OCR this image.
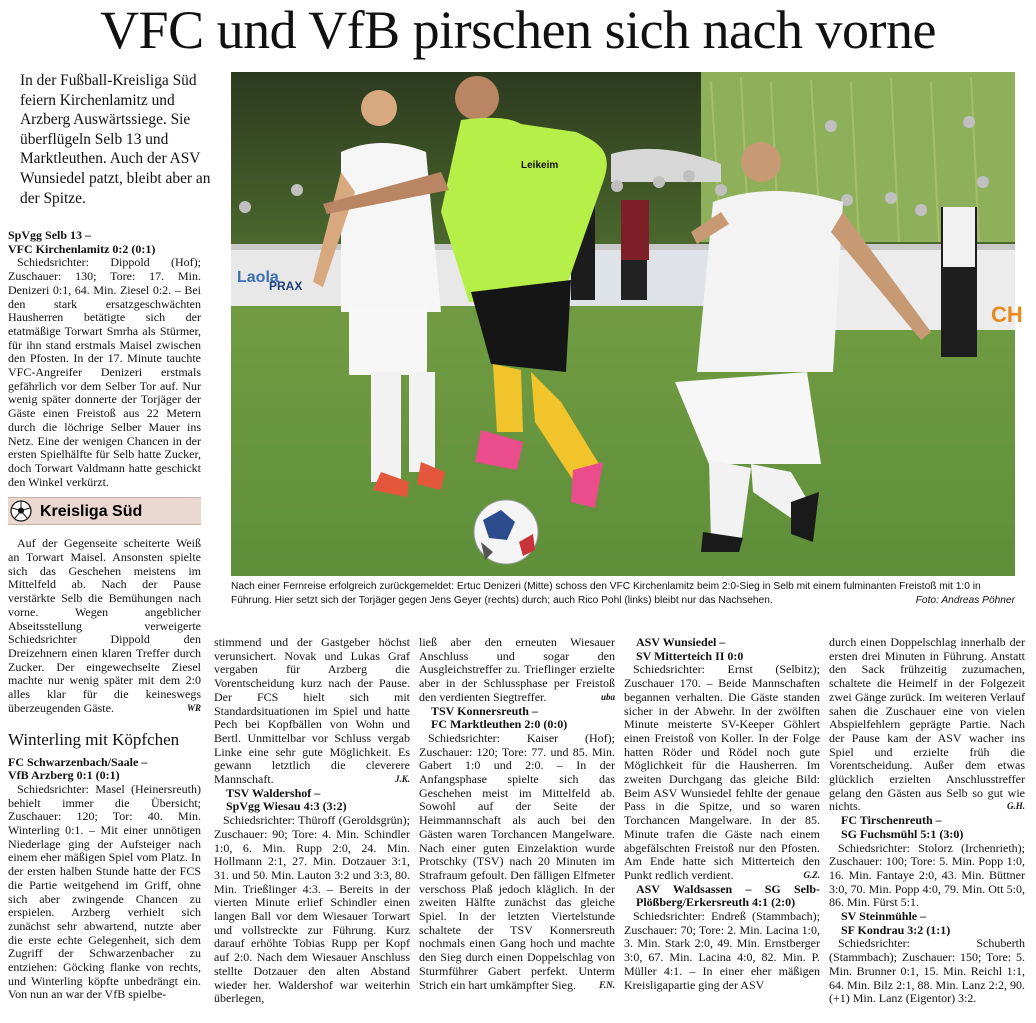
VFC und VfB pirschen sich nach vorne
In der Fußball-Kreisliga Süd feiern Kirchenlamitz und Arzberg Auswärtssiege. Sie überflügeln Selb 13 und Marktleuthen. Auch der ASV Wunsiedel patzt, bleibt aber an der Spitze.
SpVgg Selb 13 –
VFC Kirchenlamitz 0:2 (0:1)

Schiedsrichter: Dippold (Hof); Zuschauer: 130; Tore: 17. Min. Denizeri 0:1, 64. Min. Ziesel 0:2. – Bei den stark ersatzgeschwächten Hausherren betätigte sich der etatmäßige Torwart Smrha als Stürmer, für ihn stand erstmals Maisel zwischen den Pfosten. In der 17. Minute tauchte VFC-Angreifer Denizeri erstmals gefährlich vor dem Selber Tor auf. Nur wenig später donnerte der Torjäger der Gäste einen Freistoß aus 22 Metern durch die löchrige Selber Mauer ins Netz. Eine der wenigen Chancen in der ersten Spielhälfte für Selb hatte Zucker, doch Torwart Valdmann hatte geschickt den Winkel verkürzt.

Kreisliga Süd

Auf der Gegenseite scheiterte Weiß an Torwart Maisel. Ansonsten spielte sich das Geschehen meistens im Mittelfeld ab. Nach der Pause verstärkte Selb die Bemühungen nach vorne. Wegen angeblicher Abseitsstellung verweigerte Schiedsrichter Dippold den Dreizehnern einen klaren Treffer durch Zucker. Der eingewechselte Ziesel machte nur wenig später mit dem 2:0 alles klar für die keineswegs überzeugenden Gäste.	WR

Winterling mit Köpfchen
FC Schwarzenbach/Saale –
VfB Arzberg 0:1 (0:1)

Schiedsrichter: Masel (Heinersreuth) behielt immer die Übersicht; Zuschauer: 120; Tor: 40. Min. Winterling 0:1. – Mit einer unnötigen Niederlage ging der Aufsteiger nach einem eher mäßigen Spiel vom Platz. In der ersten halben Stunde hatte der FCS die Partie weitgehend im Griff, ohne sich aber zwingende Chancen zu erspielen. Arzberg verhielt sich zunächst sehr abwartend, nutzte aber die erste echte Gelegenheit, sich dem Zugriff der Schwarzenbacher zu entziehen: Göcking flanke von rechts, und Winterling köpfte unbedrängt ein. Von nun an war der VfB spielbe-

Laola
PRAX
CH
Leikeim
Nach einer Fernreise erfolgreich zurückgemeldet: Ertuc Denizeri (Mitte) schoss den VFC Kirchenlamitz beim 2:0-Sieg in Selb mit einem fulminanten Freistoß mit 1:0 in Führung. Hier setzt sich der Torjäger gegen Jens Geyer (rechts) durch; auch Rico Pohl (links) bleibt nur das Nachsehen.	Foto: Andreas Pöhner

stimmend und der Gastgeber höchst verunsichert. Novak und Lukas Graf vergaben für Arzberg die Vorentscheidung kurz nach der Pause. Der FCS hielt sich mit Standardsituationen im Spiel und hatte Pech bei Kopfbällen von Wohn und Bertl. Unmittelbar vor Schluss vergab Linke eine sehr gute Möglichkeit. Es gewann letztlich die cleverere Mannschaft.	J.K.

TSV Waldershof –
SpVgg Wiesau 4:3 (3:2)

Schiedsrichter: Thüroff (Geroldsgrün); Zuschauer: 90; Tore: 4. Min. Schindler 1:0, 6. Min. Rupp 2:0, 24. Min. Hollmann 2:1, 27. Min. Dotzauer 3:1, 31. und 50. Min. Lauton 3:2 und 3:3, 80. Min. Trießlinger 4:3. – Bereits in der vierten Minute erlief Schindler einen langen Ball vor dem Wiesauer Torwart und vollstreckte zur Führung. Kurz darauf erhöhte Tobias Rupp per Kopf auf 2:0. Nach dem Wiesauer Anschluss stellte Dotzauer den alten Abstand wieder her. Waldershof war weiterhin überlegen,

ließ aber den erneuten Wiesauer Anschluss und sogar den Ausgleichstreffer zu. Trieflinger erzielte aber in der Schlussphase per Freistoß den verdienten Siegtreffer.	uba

TSV Konnersreuth –
FC Marktleuthen 2:0 (0:0)

Schiedsrichter: Kaiser (Hof); Zuschauer: 120; Tore: 77. und 85. Min. Gabert 1:0 und 2:0. – In der Anfangsphase spielte sich das Geschehen meist im Mittelfeld ab. Sowohl auf der Seite der Heimmannschaft als auch bei den Gästen waren Torchancen Mangelware. Nach einer guten Einzelaktion wurde Protschky (TSV) nach 20 Minuten im Strafraum gefoult. Den fälligen Elfmeter verschoss Plaß jedoch kläglich. In der zweiten Hälfte zunächst das gleiche Spiel. In der letzten Viertelstunde schaltete der TSV Konnersreuth nochmals einen Gang hoch und machte den Sieg durch einen Doppelschlag von Sturmführer Gabert perfekt. Unterm Strich ein hart umkämpfter Sieg.	F.N.

ASV Wunsiedel –
SV Mitterteich II 0:0

Schiedsrichter: Ernst (Selbitz); Zuschauer 170. – Beide Mannschaften begannen verhalten. Die Gäste standen sicher in der Abwehr. In der zwölften Minute meisterte SV-Keeper Göhlert einen Freistoß von Koller. In der Folge hatten Röder und Rödel noch gute Möglichkeit für die Hausherren. Im zweiten Durchgang das gleiche Bild: Beim ASV Wunsiedel fehlte der genaue Pass in die Spitze, und so waren Torchancen Mangelware. In der 85. Minute trafen die Gäste nach einem abgefälschten Freistoß nur den Pfosten. Am Ende hatte sich Mitterteich den Punkt redlich verdient.	G.Z.

ASV Waldsassen – SG Selb-Plößberg/Erkersreuth 4:1 (2:0)

Schiedsrichter: Endreß (Stammbach); Zuschauer: 70; Tore: 2. Min. Lacina 1:0, 3. Min. Stark 2:0, 49. Min. Ernstberger 3:0, 67. Min. Lacina 4:0, 82. Min. P. Müller 4:1. – In einer eher mäßigen Kreisligapartie ging der ASV

durch einen Doppelschlag innerhalb der ersten drei Minuten in Führung. Anstatt den Sack frühzeitig zuzumachen, schaltete die Heimelf in der Folgezeit zwei Gänge zurück. Im weiteren Verlauf sahen die Zuschauer eine von vielen Abspielfehlern geprägte Partie. Nach der Pause kam der ASV wacher ins Spiel und erzielte früh die Vorentscheidung. Außer dem etwas glücklich erzielten Anschlusstreffer gelang den Gästen aus Selb so gut wie nichts.	G.H.

FC Tirschenreuth –
SG Fuchsmühl 5:1 (3:0)

Schiedsrichter: Stolorz (Irchenrieth); Zuschauer: 100; Tore: 5. Min. Popp 1:0, 16. Min. Fantaye 2:0, 43. Min. Büttner 3:0, 70. Min. Popp 4:0, 79. Min. Ott 5:0, 86. Min. Fürst 5:1.

SV Steinmühle –
SF Kondrau 3:2 (1:1)

Schiedsrichter: Schuberth (Stammbach); Zuschauer: 150; Tore: 5. Min. Brunner 0:1, 15. Min. Reichl 1:1, 64. Min. Bilz 2:1, 88. Min. Lanz 2:2, 90. (+1) Min. Lanz (Eigentor) 3:2.
